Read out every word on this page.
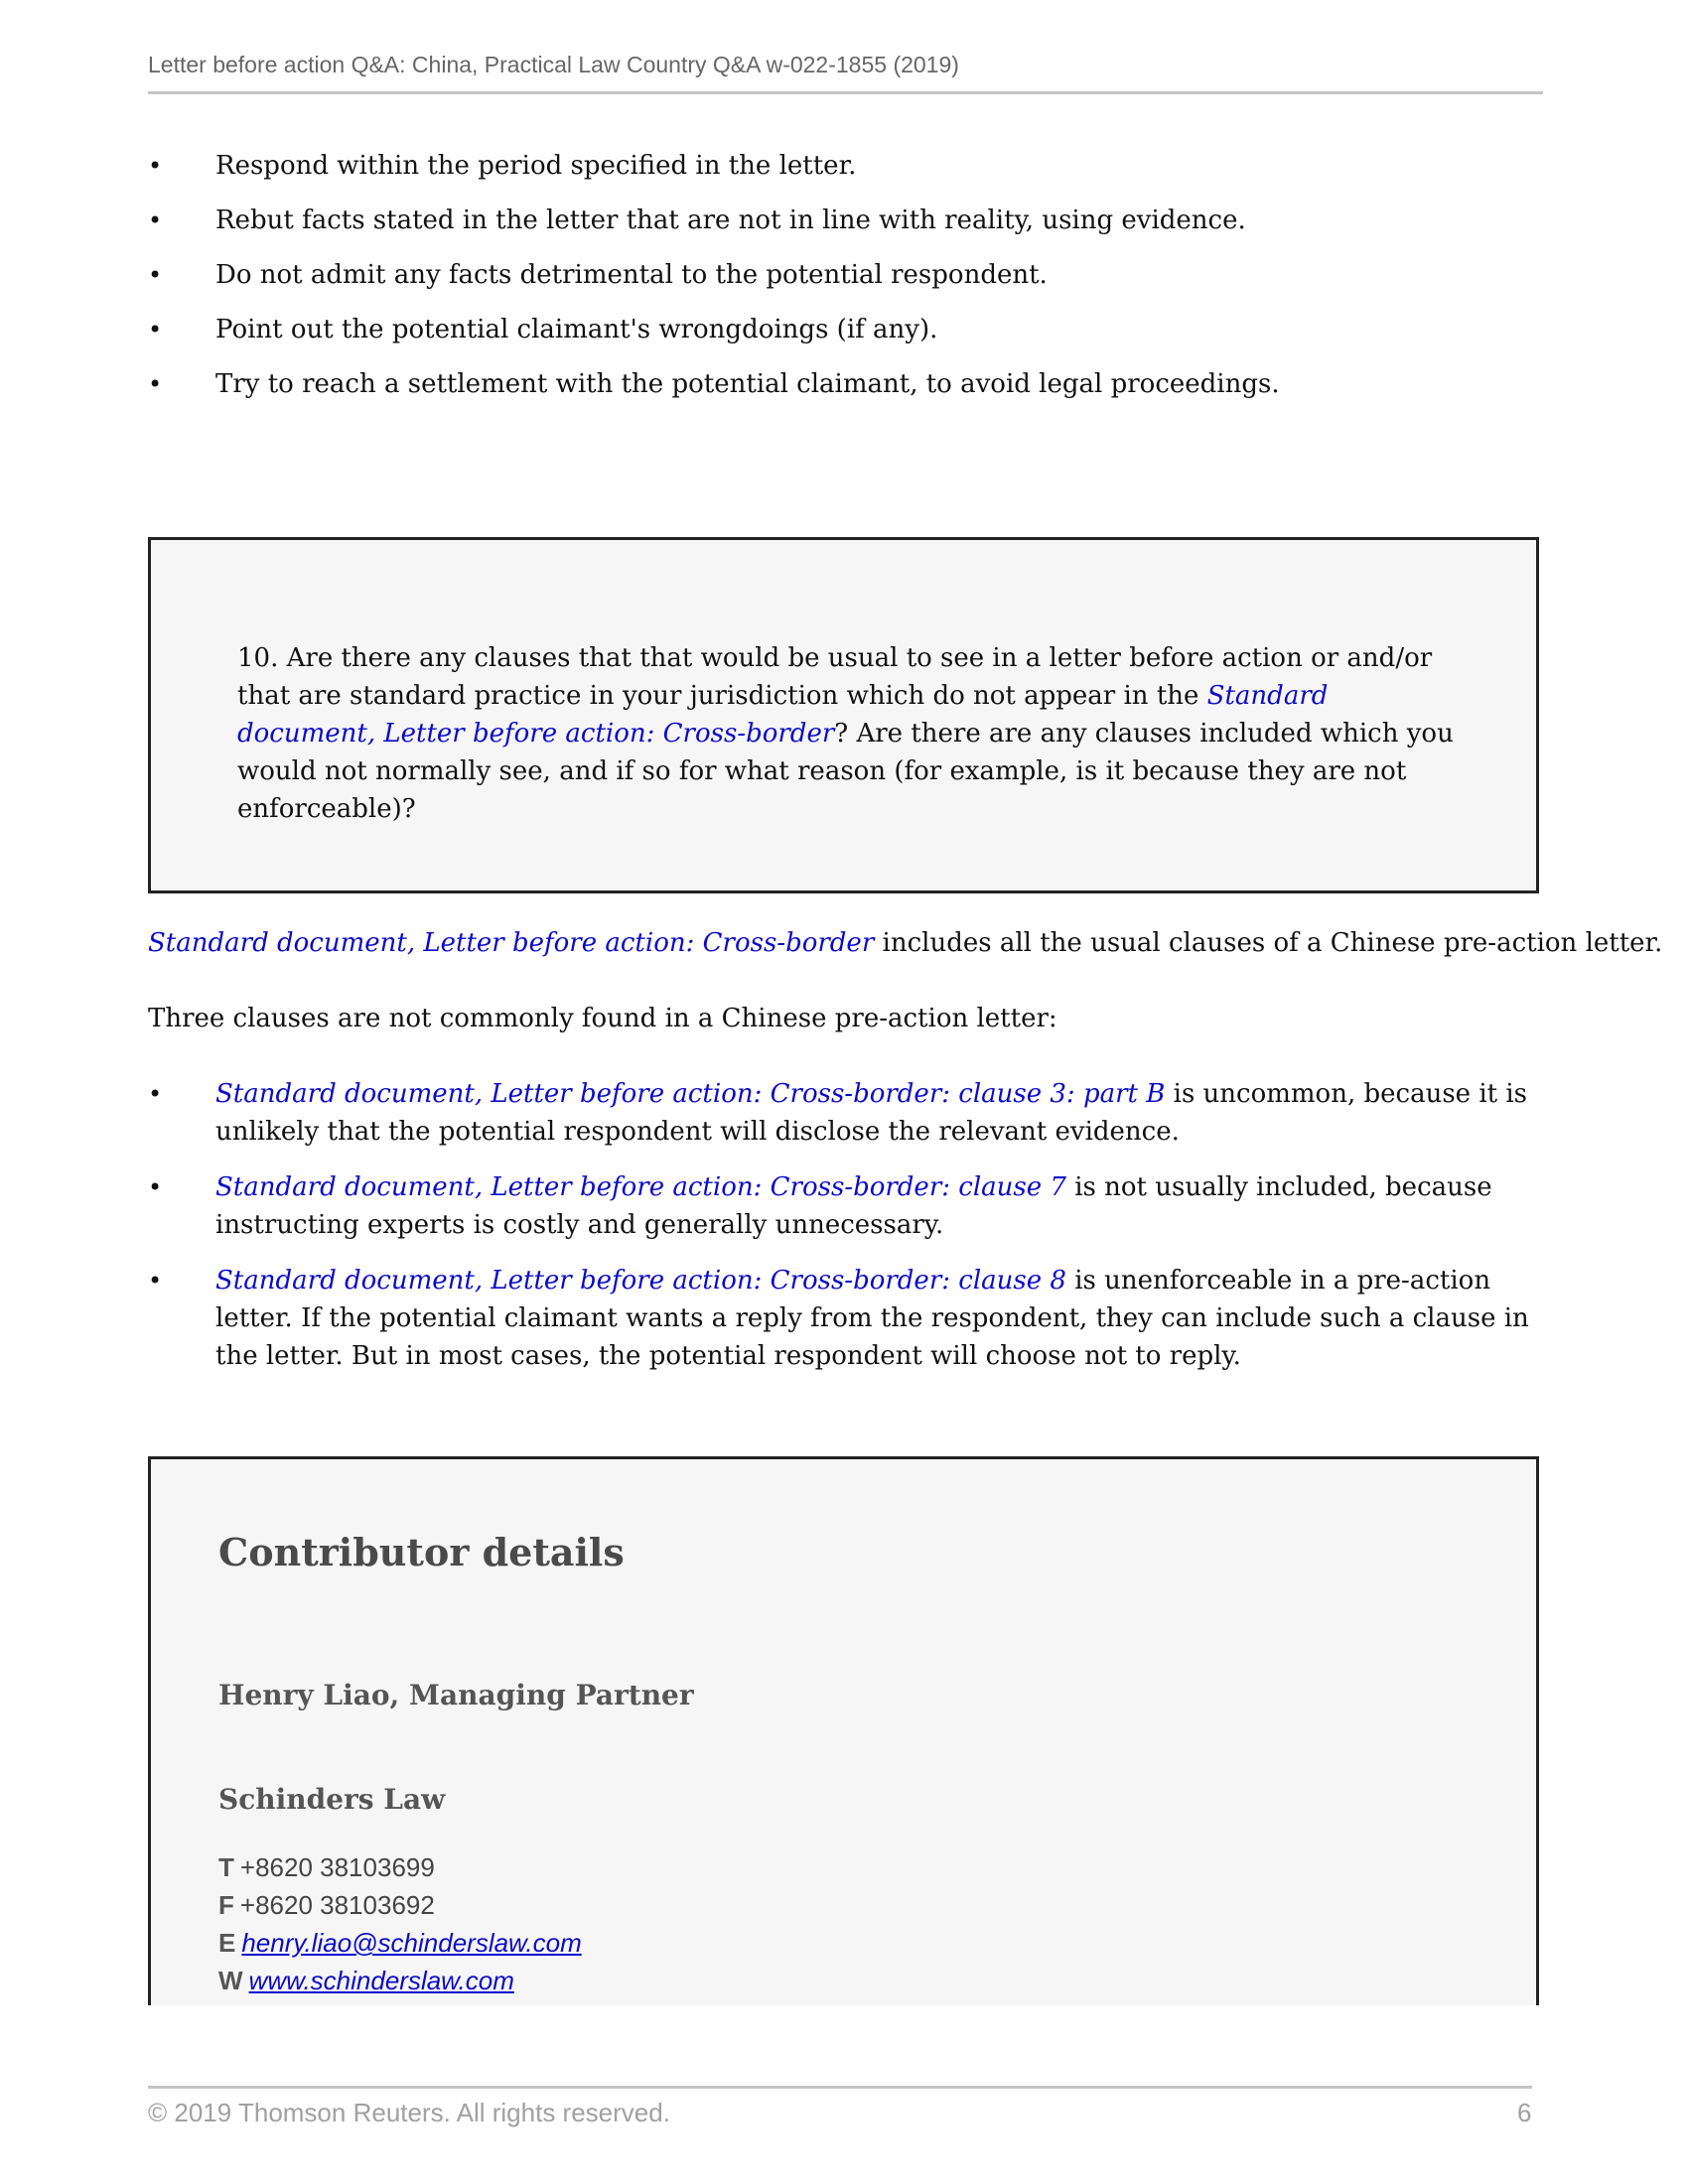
Letter before action Q&A: China, Practical Law Country Q&A w-022-1855 (2019)
• Respond within the period specified in the letter.
• Rebut facts stated in the letter that are not in line with reality, using evidence.
• Do not admit any facts detrimental to the potential respondent.
• Point out the potential claimant's wrongdoings (if any).
• Try to reach a settlement with the potential claimant, to avoid legal proceedings.
10. Are there any clauses that that would be usual to see in a letter before action or and/or that are standard practice in your jurisdiction which do not appear in the Standard document, Letter before action: Cross-border? Are there are any clauses included which you would not normally see, and if so for what reason (for example, is it because they are not enforceable)?
Standard document, Letter before action: Cross-border includes all the usual clauses of a Chinese pre-action letter.
Three clauses are not commonly found in a Chinese pre-action letter:
• Standard document, Letter before action: Cross-border: clause 3: part B is uncommon, because it is unlikely that the potential respondent will disclose the relevant evidence.
• Standard document, Letter before action: Cross-border: clause 7 is not usually included, because instructing experts is costly and generally unnecessary.
• Standard document, Letter before action: Cross-border: clause 8 is unenforceable in a pre-action letter. If the potential claimant wants a reply from the respondent, they can include such a clause in the letter. But in most cases, the potential respondent will choose not to reply.
Contributor details
Henry Liao, Managing Partner
Schinders Law
T +8620 38103699
F +8620 38103692
E henry.liao@schinderslaw.com
W www.schinderslaw.com
© 2019 Thomson Reuters. All rights reserved.	6
